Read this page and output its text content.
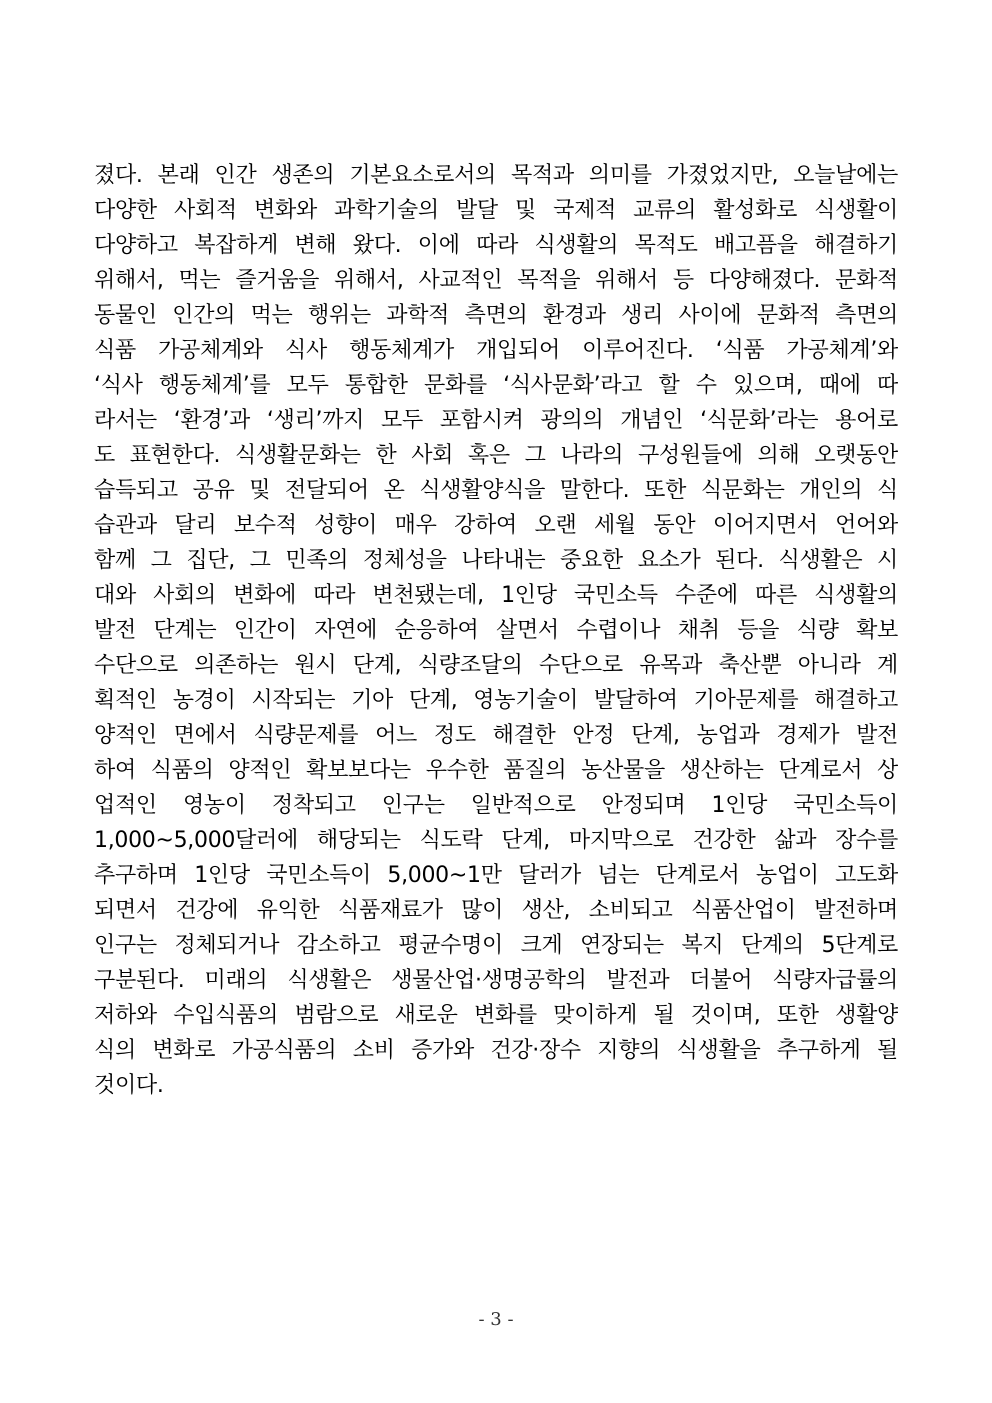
졌다. 본래 인간 생존의 기본요소로서의 목적과 의미를 가졌었지만, 오늘날에는
다양한 사회적 변화와 과학기술의 발달 및 국제적 교류의 활성화로 식생활이
다양하고 복잡하게 변해 왔다. 이에 따라 식생활의 목적도 배고픔을 해결하기
위해서, 먹는 즐거움을 위해서, 사교적인 목적을 위해서 등 다양해졌다. 문화적
동물인 인간의 먹는 행위는 과학적 측면의 환경과 생리 사이에 문화적 측면의
식품 가공체계와 식사 행동체계가 개입되어 이루어진다. ‘식품 가공체계’와
‘식사 행동체계’를 모두 통합한 문화를 ‘식사문화’라고 할 수 있으며, 때에 따
라서는 ‘환경’과 ‘생리’까지 모두 포함시켜 광의의 개념인 ‘식문화’라는 용어로
도 표현한다. 식생활문화는 한 사회 혹은 그 나라의 구성원들에 의해 오랫동안
습득되고 공유 및 전달되어 온 식생활양식을 말한다. 또한 식문화는 개인의 식
습관과 달리 보수적 성향이 매우 강하여 오랜 세월 동안 이어지면서 언어와
함께 그 집단, 그 민족의 정체성을 나타내는 중요한 요소가 된다. 식생활은 시
대와 사회의 변화에 따라 변천됐는데, 1인당 국민소득 수준에 따른 식생활의
발전 단계는 인간이 자연에 순응하여 살면서 수렵이나 채취 등을 식량 확보
수단으로 의존하는 원시 단계, 식량조달의 수단으로 유목과 축산뿐 아니라 계
획적인 농경이 시작되는 기아 단계, 영농기술이 발달하여 기아문제를 해결하고
양적인 면에서 식량문제를 어느 정도 해결한 안정 단계, 농업과 경제가 발전
하여 식품의 양적인 확보보다는 우수한 품질의 농산물을 생산하는 단계로서 상
업적인 영농이 정착되고 인구는 일반적으로 안정되며 1인당 국민소득이
1,000~5,000달러에 해당되는 식도락 단계, 마지막으로 건강한 삶과 장수를
추구하며 1인당 국민소득이 5,000~1만 달러가 넘는 단계로서 농업이 고도화
되면서 건강에 유익한 식품재료가 많이 생산, 소비되고 식품산업이 발전하며
인구는 정체되거나 감소하고 평균수명이 크게 연장되는 복지 단계의 5단계로
구분된다. 미래의 식생활은 생물산업·생명공학의 발전과 더불어 식량자급률의
저하와 수입식품의 범람으로 새로운 변화를 맞이하게 될 것이며, 또한 생활양
식의 변화로 가공식품의 소비 증가와 건강·장수 지향의 식생활을 추구하게 될
것이다.
- 3 -
